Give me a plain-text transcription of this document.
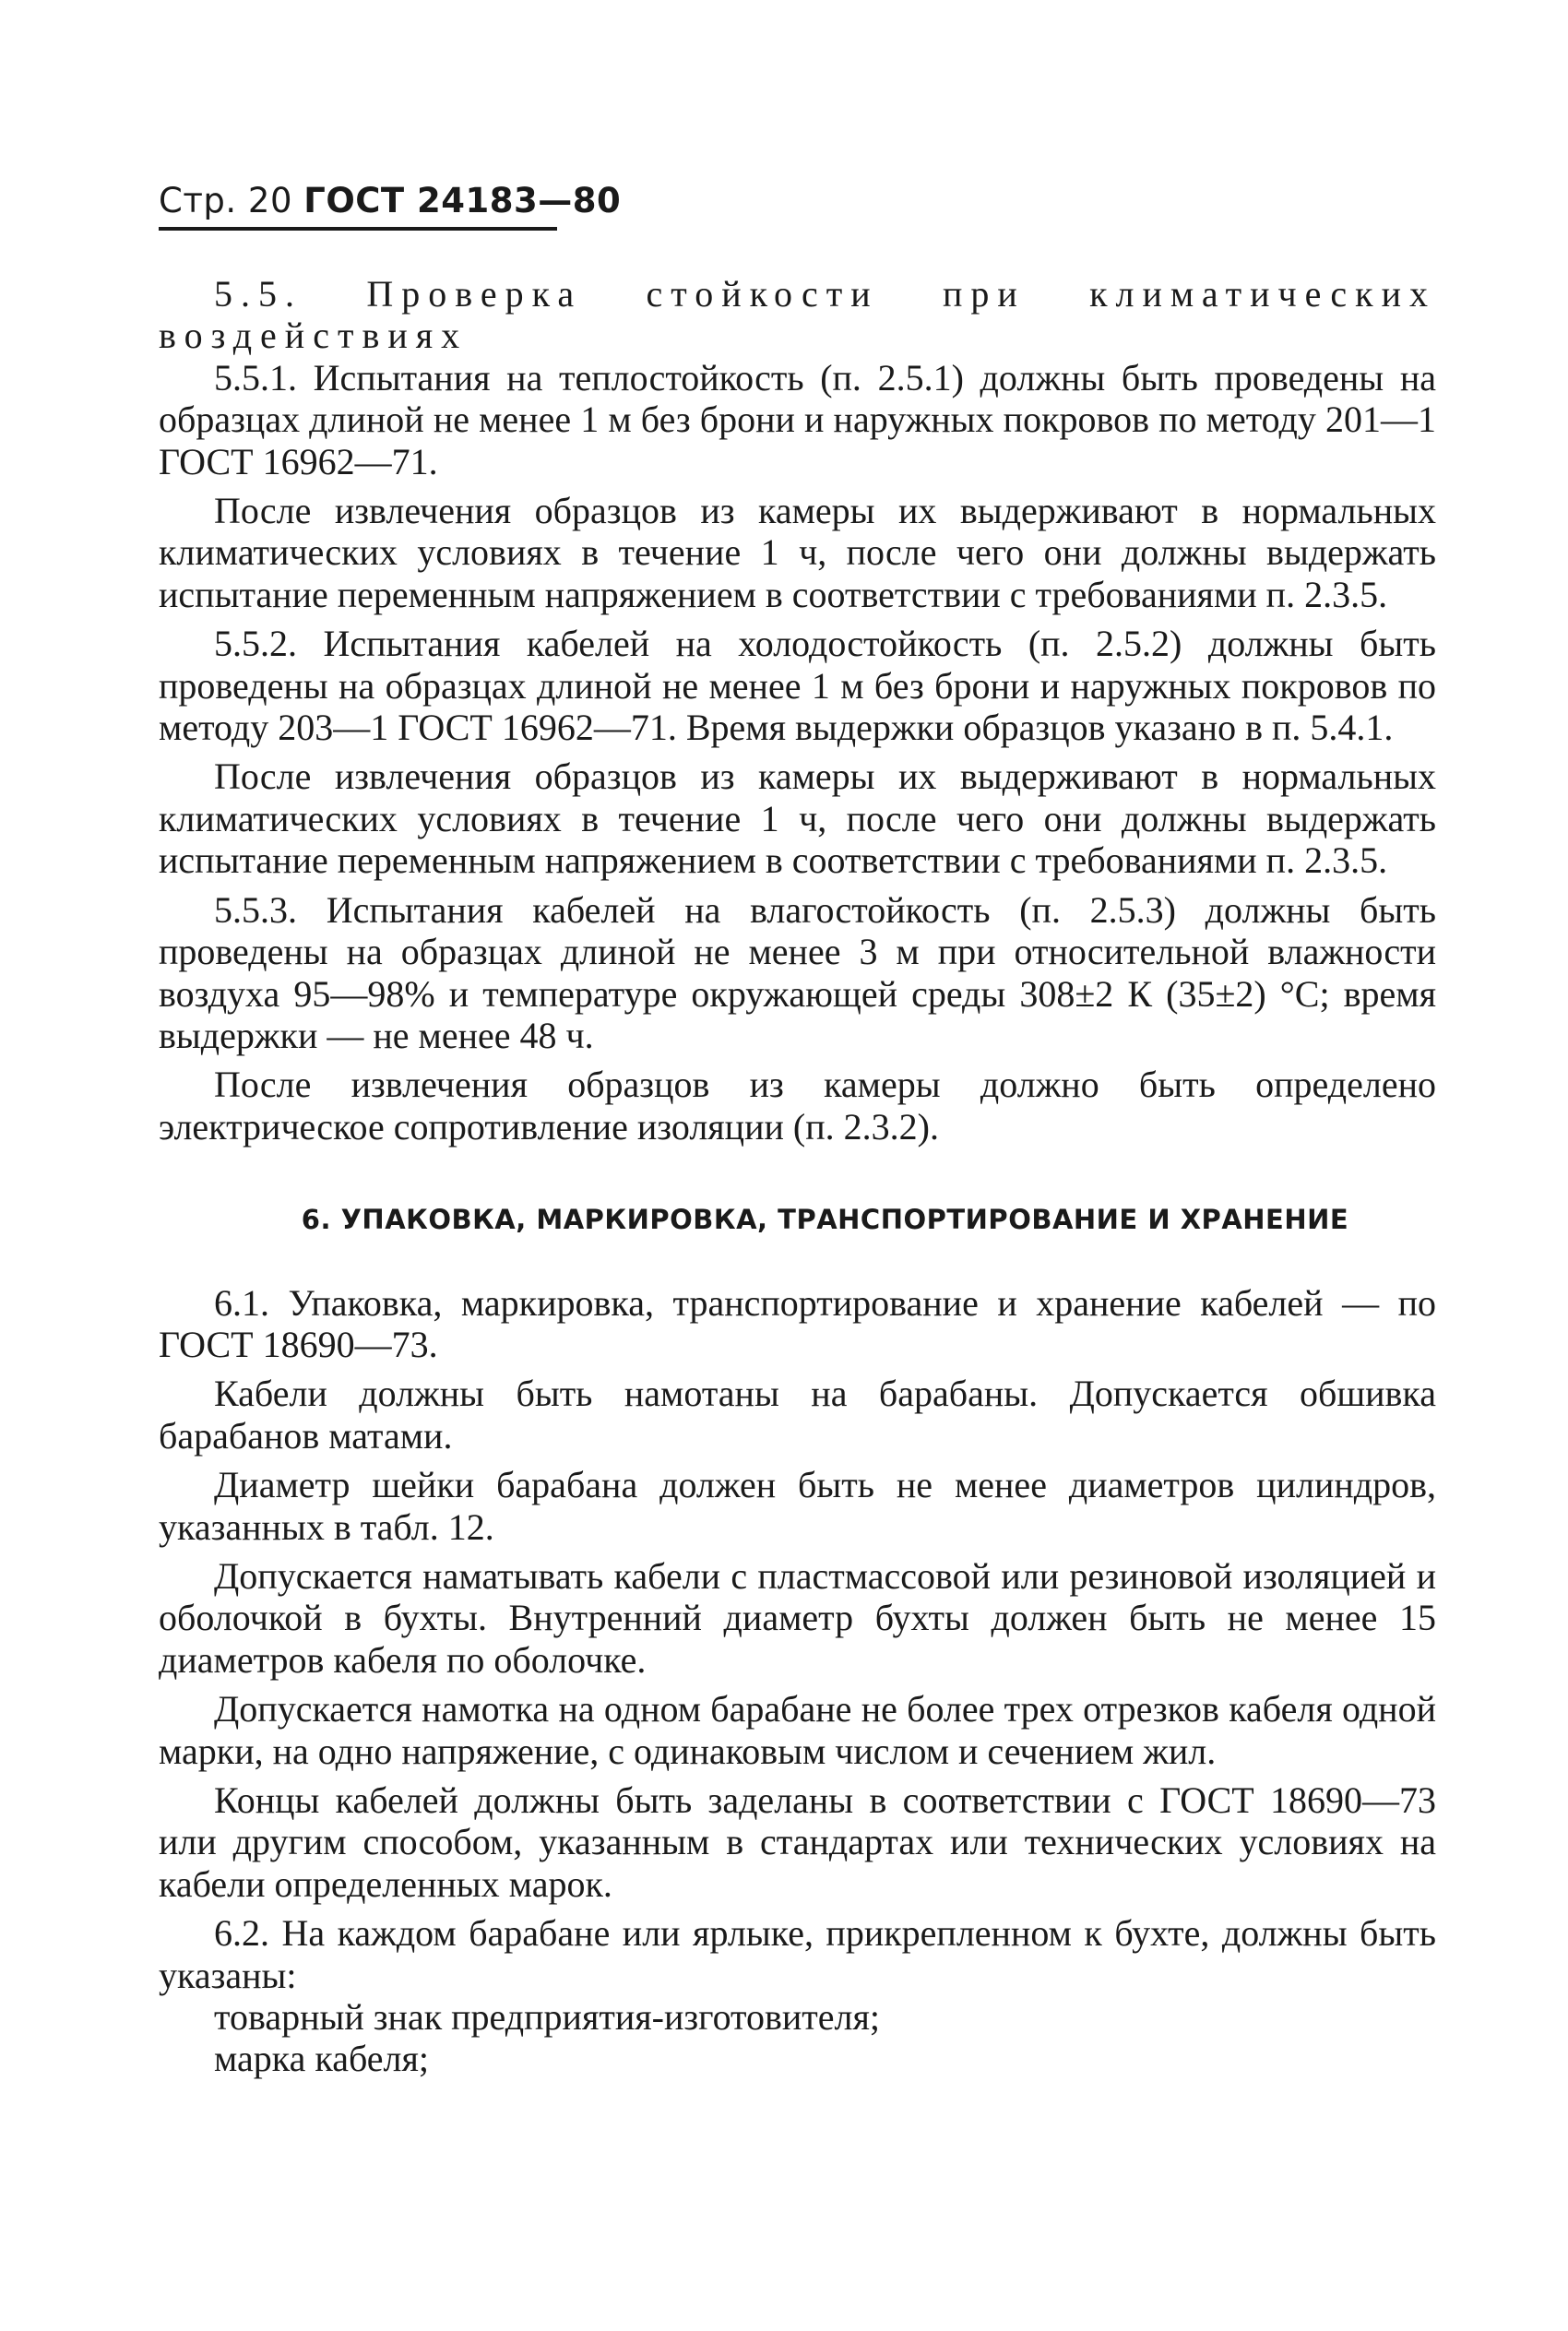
Стр. 20 ГОСТ 24183—80

5.5. Проверка стойкости при климатических воздействиях

5.5.1. Испытания на теплостойкость (п. 2.5.1) должны быть проведены на образцах длиной не менее 1 м без брони и наружных покровов по методу 201—1 ГОСТ 16962—71.

После извлечения образцов из камеры их выдерживают в нормальных климатических условиях в течение 1 ч, после чего они должны выдержать испытание переменным напряжением в соответствии с требованиями п. 2.3.5.

5.5.2. Испытания кабелей на холодостойкость (п. 2.5.2) должны быть проведены на образцах длиной не менее 1 м без брони и наружных покровов по методу 203—1 ГОСТ 16962—71. Время выдержки образцов указано в п. 5.4.1.

После извлечения образцов из камеры их выдерживают в нормальных климатических условиях в течение 1 ч, после чего они должны выдержать испытание переменным напряжением в соответствии с требованиями п. 2.3.5.

5.5.3. Испытания кабелей на влагостойкость (п. 2.5.3) должны быть проведены на образцах длиной не менее 3 м при относительной влажности воздуха 95—98% и температуре окружающей среды 308±2 К (35±2) °С; время выдержки — не менее 48 ч.

После извлечения образцов из камеры должно быть определено электрическое сопротивление изоляции (п. 2.3.2).

6. УПАКОВКА, МАРКИРОВКА, ТРАНСПОРТИРОВАНИЕ И ХРАНЕНИЕ

6.1. Упаковка, маркировка, транспортирование и хранение кабелей — по ГОСТ 18690—73.

Кабели должны быть намотаны на барабаны. Допускается обшивка барабанов матами.

Диаметр шейки барабана должен быть не менее диаметров цилиндров, указанных в табл. 12.

Допускается наматывать кабели с пластмассовой или резиновой изоляцией и оболочкой в бухты. Внутренний диаметр бухты должен быть не менее 15 диаметров кабеля по оболочке.

Допускается намотка на одном барабане не более трех отрезков кабеля одной марки, на одно напряжение, с одинаковым числом и сечением жил.

Концы кабелей должны быть заделаны в соответствии с ГОСТ 18690—73 или другим способом, указанным в стандартах или технических условиях на кабели определенных марок.

6.2. На каждом барабане или ярлыке, прикрепленном к бухте, должны быть указаны:

товарный знак предприятия-изготовителя;

марка кабеля;
